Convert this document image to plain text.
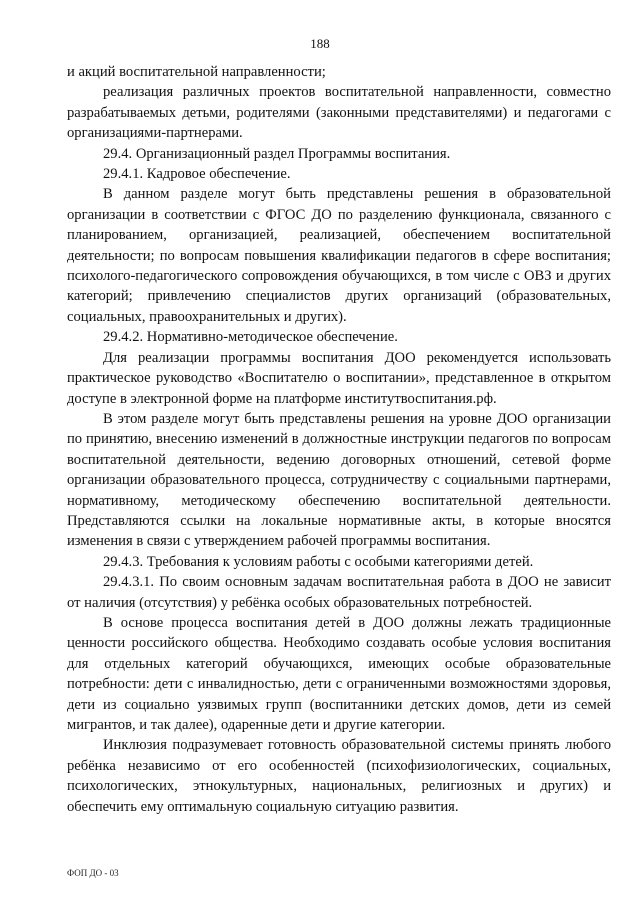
188

и акций воспитательной направленности;

реализация различных проектов воспитательной направленности, совместно разрабатываемых детьми, родителями (законными представителями) и педагогами с организациями-партнерами.

29.4. Организационный раздел Программы воспитания.

29.4.1. Кадровое обеспечение.

В данном разделе могут быть представлены решения в образовательной организации в соответствии с ФГОС ДО по разделению функционала, связанного с планированием, организацией, реализацией, обеспечением воспитательной деятельности; по вопросам повышения квалификации педагогов в сфере воспитания; психолого-педагогического сопровождения обучающихся, в том числе с ОВЗ и других категорий; привлечению специалистов других организаций (образовательных, социальных, правоохранительных и других).

29.4.2. Нормативно-методическое обеспечение.

Для реализации программы воспитания ДОО рекомендуется использовать практическое руководство «Воспитателю о воспитании», представленное в открытом доступе в электронной форме на платформе институтвоспитания.рф.

В этом разделе могут быть представлены решения на уровне ДОО организации по принятию, внесению изменений в должностные инструкции педагогов по вопросам воспитательной деятельности, ведению договорных отношений, сетевой форме организации образовательного процесса, сотрудничеству с социальными партнерами, нормативному, методическому обеспечению воспитательной деятельности. Представляются ссылки на локальные нормативные акты, в которые вносятся изменения в связи с утверждением рабочей программы воспитания.

29.4.3. Требования к условиям работы с особыми категориями детей.

29.4.3.1. По своим основным задачам воспитательная работа в ДОО не зависит от наличия (отсутствия) у ребёнка особых образовательных потребностей.

В основе процесса воспитания детей в ДОО должны лежать традиционные ценности российского общества. Необходимо создавать особые условия воспитания для отдельных категорий обучающихся, имеющих особые образовательные потребности: дети с инвалидностью, дети с ограниченными возможностями здоровья, дети из социально уязвимых групп (воспитанники детских домов, дети из семей мигрантов, и так далее), одаренные дети и другие категории.

Инклюзия подразумевает готовность образовательной системы принять любого ребёнка независимо от его особенностей (психофизиологических, социальных, психологических, этнокультурных, национальных, религиозных и других) и обеспечить ему оптимальную социальную ситуацию развития.

ФОП ДО - 03
